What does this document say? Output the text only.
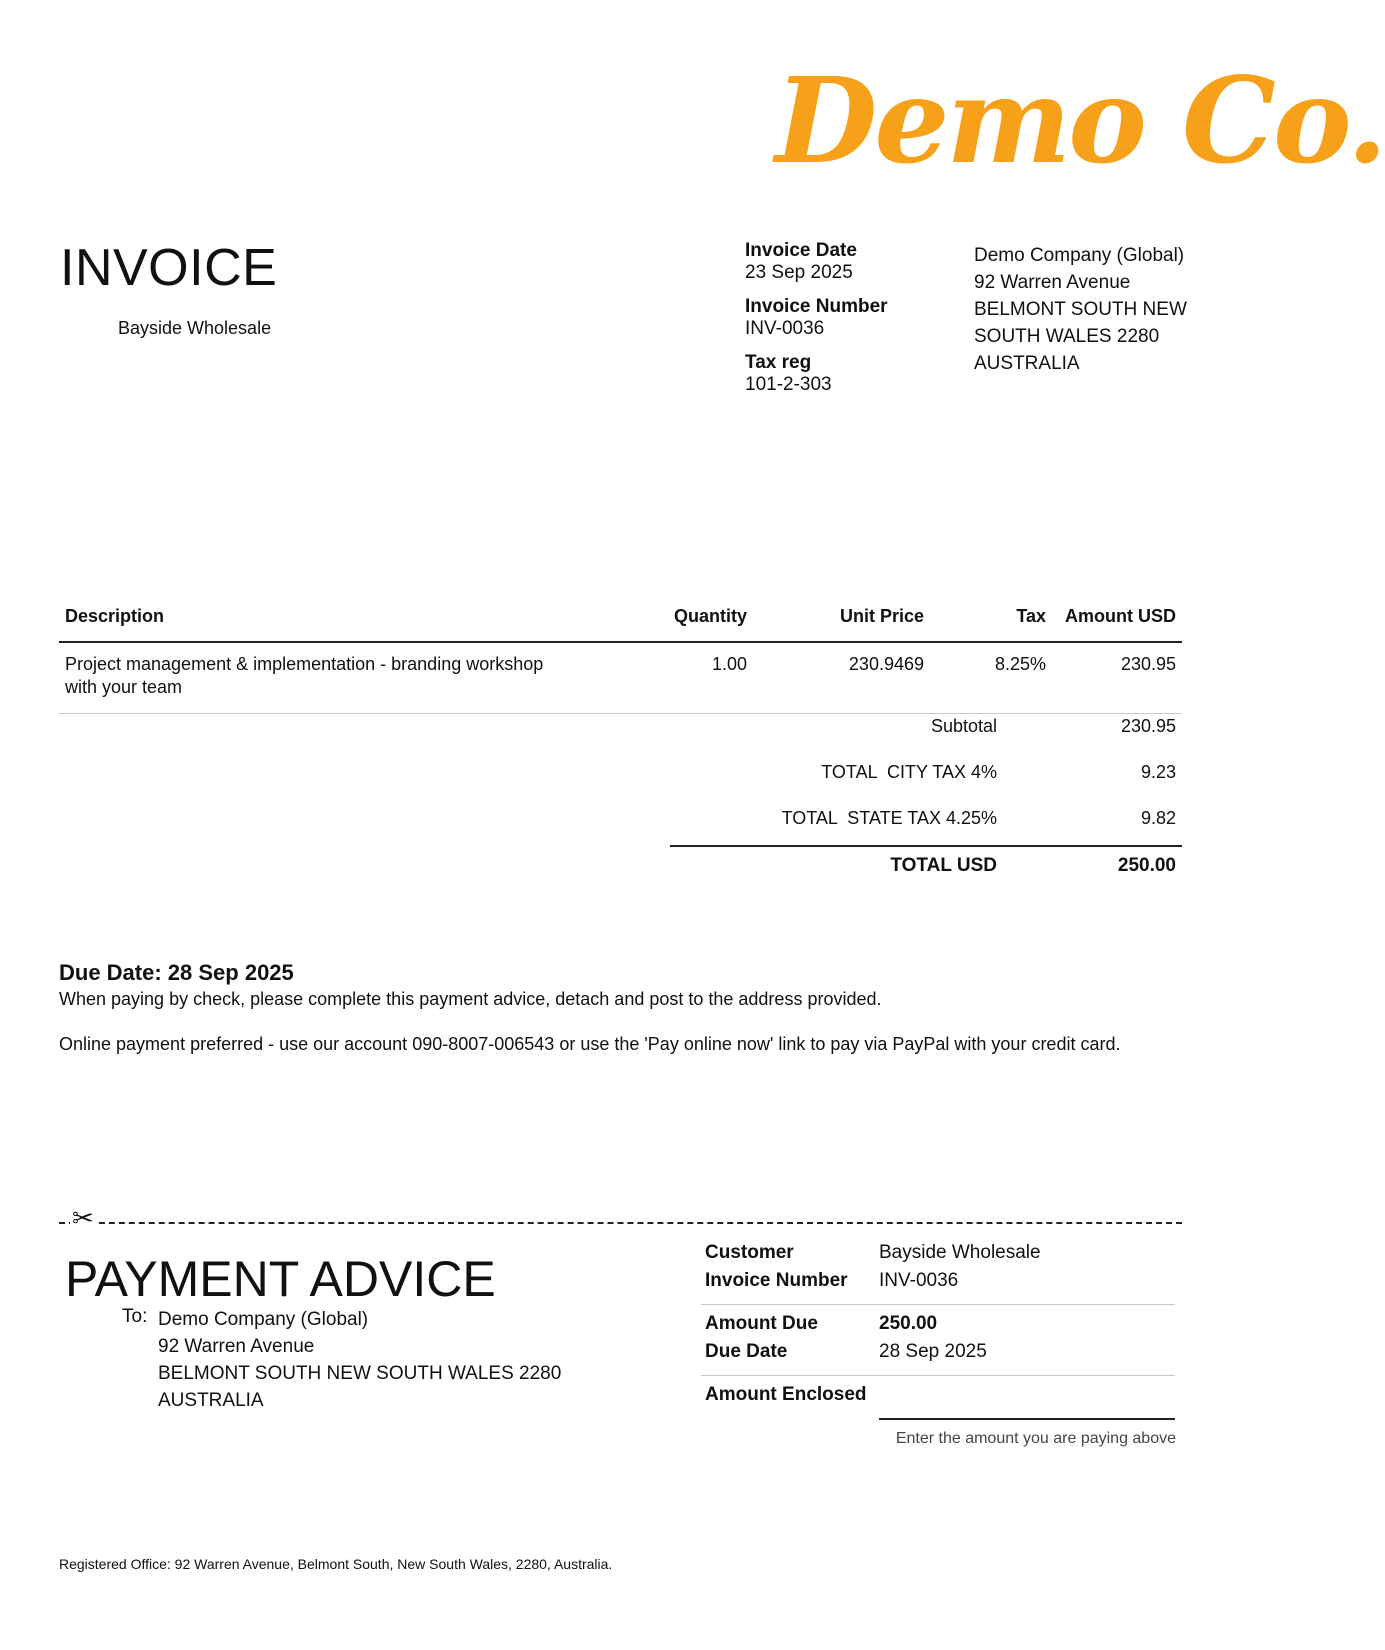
Demo Co.
INVOICE
Bayside Wholesale
Invoice Date
23 Sep 2025
Invoice Number
INV-0036
Tax reg
101-2-303
Demo Company (Global)
92 Warren Avenue
BELMONT SOUTH NEW
SOUTH WALES 2280
AUSTRALIA
Description	Quantity	Unit Price	Tax	Amount USD
Project management & implementation - branding workshop with your team	1.00	230.9469	8.25%	230.95
Subtotal	230.95
TOTAL  CITY TAX 4%	9.23
TOTAL  STATE TAX 4.25%	9.82
TOTAL USD	250.00
Due Date: 28 Sep 2025
When paying by check, please complete this payment advice, detach and post to the address provided.
Online payment preferred - use our account 090-8007-006543 or use the 'Pay online now' link to pay via PayPal with your credit card.
✂
PAYMENT ADVICE
To: Demo Company (Global)
92 Warren Avenue
BELMONT SOUTH NEW SOUTH WALES 2280
AUSTRALIA
Customer	Bayside Wholesale
Invoice Number	INV-0036
Amount Due	250.00
Due Date	28 Sep 2025
Amount Enclosed
Enter the amount you are paying above
Registered Office: 92 Warren Avenue, Belmont South, New South Wales, 2280, Australia.
